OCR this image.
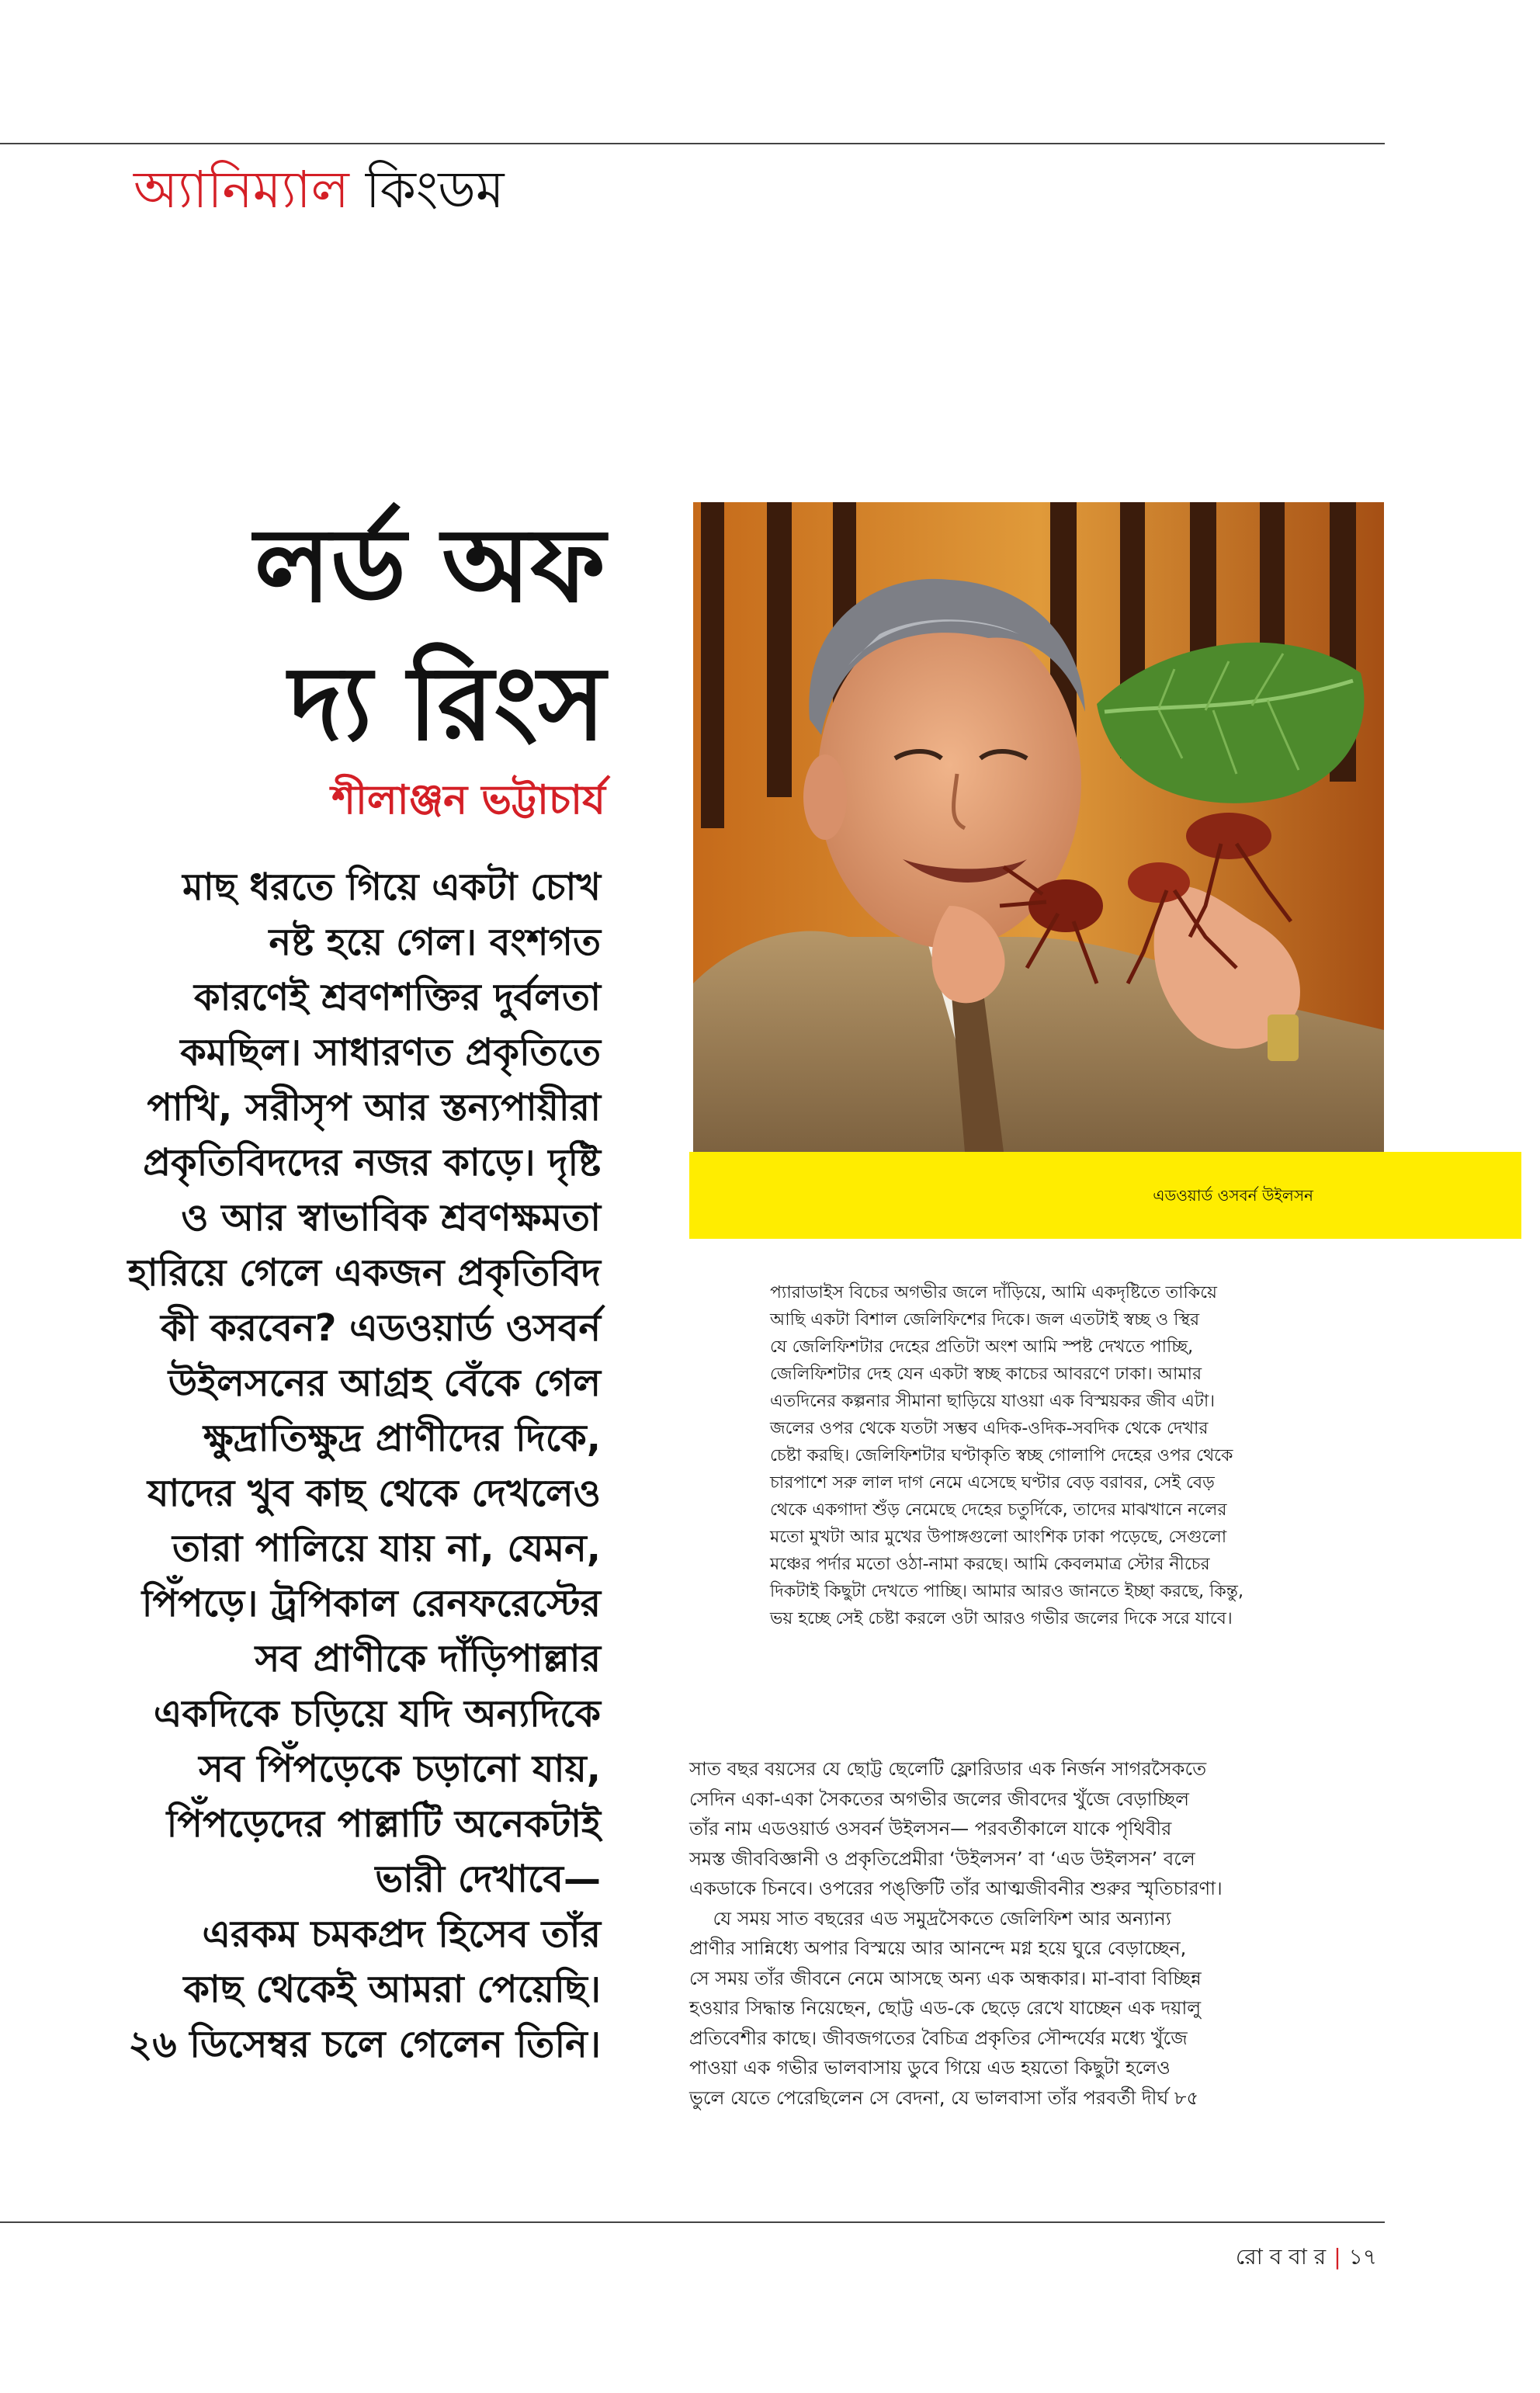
অ্যানিম্যাল কিংডম
লর্ড অফ
দ্য রিংস
শীলাঞ্জন ভট্টাচার্য
মাছ ধরতে গিয়ে একটা চোখ
নষ্ট হয়ে গেল। বংশগত
কারণেই শ্রবণশক্তির দুর্বলতা
কমছিল। সাধারণত প্রকৃতিতে
পাখি, সরীসৃপ আর স্তন্যপায়ীরা
প্রকৃতিবিদদের নজর কাড়ে। দৃষ্টি
ও আর স্বাভাবিক শ্রবণক্ষমতা
হারিয়ে গেলে একজন প্রকৃতিবিদ
কী করবেন? এডওয়ার্ড ওসবর্ন
উইলসনের আগ্রহ বেঁকে গেল
ক্ষুদ্রাতিক্ষুদ্র প্রাণীদের দিকে,
যাদের খুব কাছ থেকে দেখলেও
তারা পালিয়ে যায় না, যেমন,
পিঁপড়ে। ট্রপিকাল রেনফরেস্টের
সব প্রাণীকে দাঁড়িপাল্লার
একদিকে চড়িয়ে যদি অন্যদিকে
সব পিঁপড়েকে চড়ানো যায়,
পিঁপড়েদের পাল্লাটি অনেকটাই
ভারী দেখাবে—
এরকম চমকপ্রদ হিসেব তাঁর
কাছ থেকেই আমরা পেয়েছি।
২৬ ডিসেম্বর চলে গেলেন তিনি।
এডওয়ার্ড ওসবর্ন উইলসন
প্যারাডাইস বিচের অগভীর জলে দাঁড়িয়ে, আমি একদৃষ্টিতে তাকিয়ে
আছি একটা বিশাল জেলিফিশের দিকে। জল এতটাই স্বচ্ছ ও স্থির
যে জেলিফিশটার দেহের প্রতিটা অংশ আমি স্পষ্ট দেখতে পাচ্ছি,
জেলিফিশটার দেহ যেন একটা স্বচ্ছ কাচের আবরণে ঢাকা। আমার
এতদিনের কল্পনার সীমানা ছাড়িয়ে যাওয়া এক বিস্ময়কর জীব এটা।
জলের ওপর থেকে যতটা সম্ভব এদিক-ওদিক-সবদিক থেকে দেখার
চেষ্টা করছি। জেলিফিশটার ঘণ্টাকৃতি স্বচ্ছ গোলাপি দেহের ওপর থেকে
চারপাশে সরু লাল দাগ নেমে এসেছে ঘণ্টার বেড় বরাবর, সেই বেড়
থেকে একগাদা শুঁড় নেমেছে দেহের চতুর্দিকে, তাদের মাঝখানে নলের
মতো মুখটা আর মুখের উপাঙ্গগুলো আংশিক ঢাকা পড়েছে, সেগুলো
মঞ্চের পর্দার মতো ওঠা-নামা করছে। আমি কেবলমাত্র স্টোর নীচের
দিকটাই কিছুটা দেখতে পাচ্ছি। আমার আরও জানতে ইচ্ছা করছে, কিন্তু,
ভয় হচ্ছে সেই চেষ্টা করলে ওটা আরও গভীর জলের দিকে সরে যাবে।
সাত বছর বয়সের যে ছোট্ট ছেলেটি ফ্লোরিডার এক নির্জন সাগরসৈকতে
সেদিন একা-একা সৈকতের অগভীর জলের জীবদের খুঁজে বেড়াচ্ছিল
তাঁর নাম এডওয়ার্ড ওসবর্ন উইলসন— পরবর্তীকালে যাকে পৃথিবীর
সমস্ত জীববিজ্ঞানী ও প্রকৃতিপ্রেমীরা ‘উইলসন’ বা ‘এড উইলসন’ বলে
একডাকে চিনবে। ওপরের পঙ্‌ক্তিটি তাঁর আত্মজীবনীর শুরুর স্মৃতিচারণা।
যে সময় সাত বছরের এড সমুদ্রসৈকতে জেলিফিশ আর অন্যান্য
প্রাণীর সান্নিধ্যে অপার বিস্ময়ে আর আনন্দে মগ্ন হয়ে ঘুরে বেড়াচ্ছেন,
সে সময় তাঁর জীবনে নেমে আসছে অন্য এক অন্ধকার। মা-বাবা বিচ্ছিন্ন
হওয়ার সিদ্ধান্ত নিয়েছেন, ছোট্ট এড-কে ছেড়ে রেখে যাচ্ছেন এক দয়ালু
প্রতিবেশীর কাছে। জীবজগতের বৈচিত্র প্রকৃতির সৌন্দর্যের মধ্যে খুঁজে
পাওয়া এক গভীর ভালবাসায় ডুবে গিয়ে এড হয়তো কিছুটা হলেও
ভুলে যেতে পেরেছিলেন সে বেদনা, যে ভালবাসা তাঁর পরবর্তী দীর্ঘ ৮৫
রো ব বা র | ১৭
